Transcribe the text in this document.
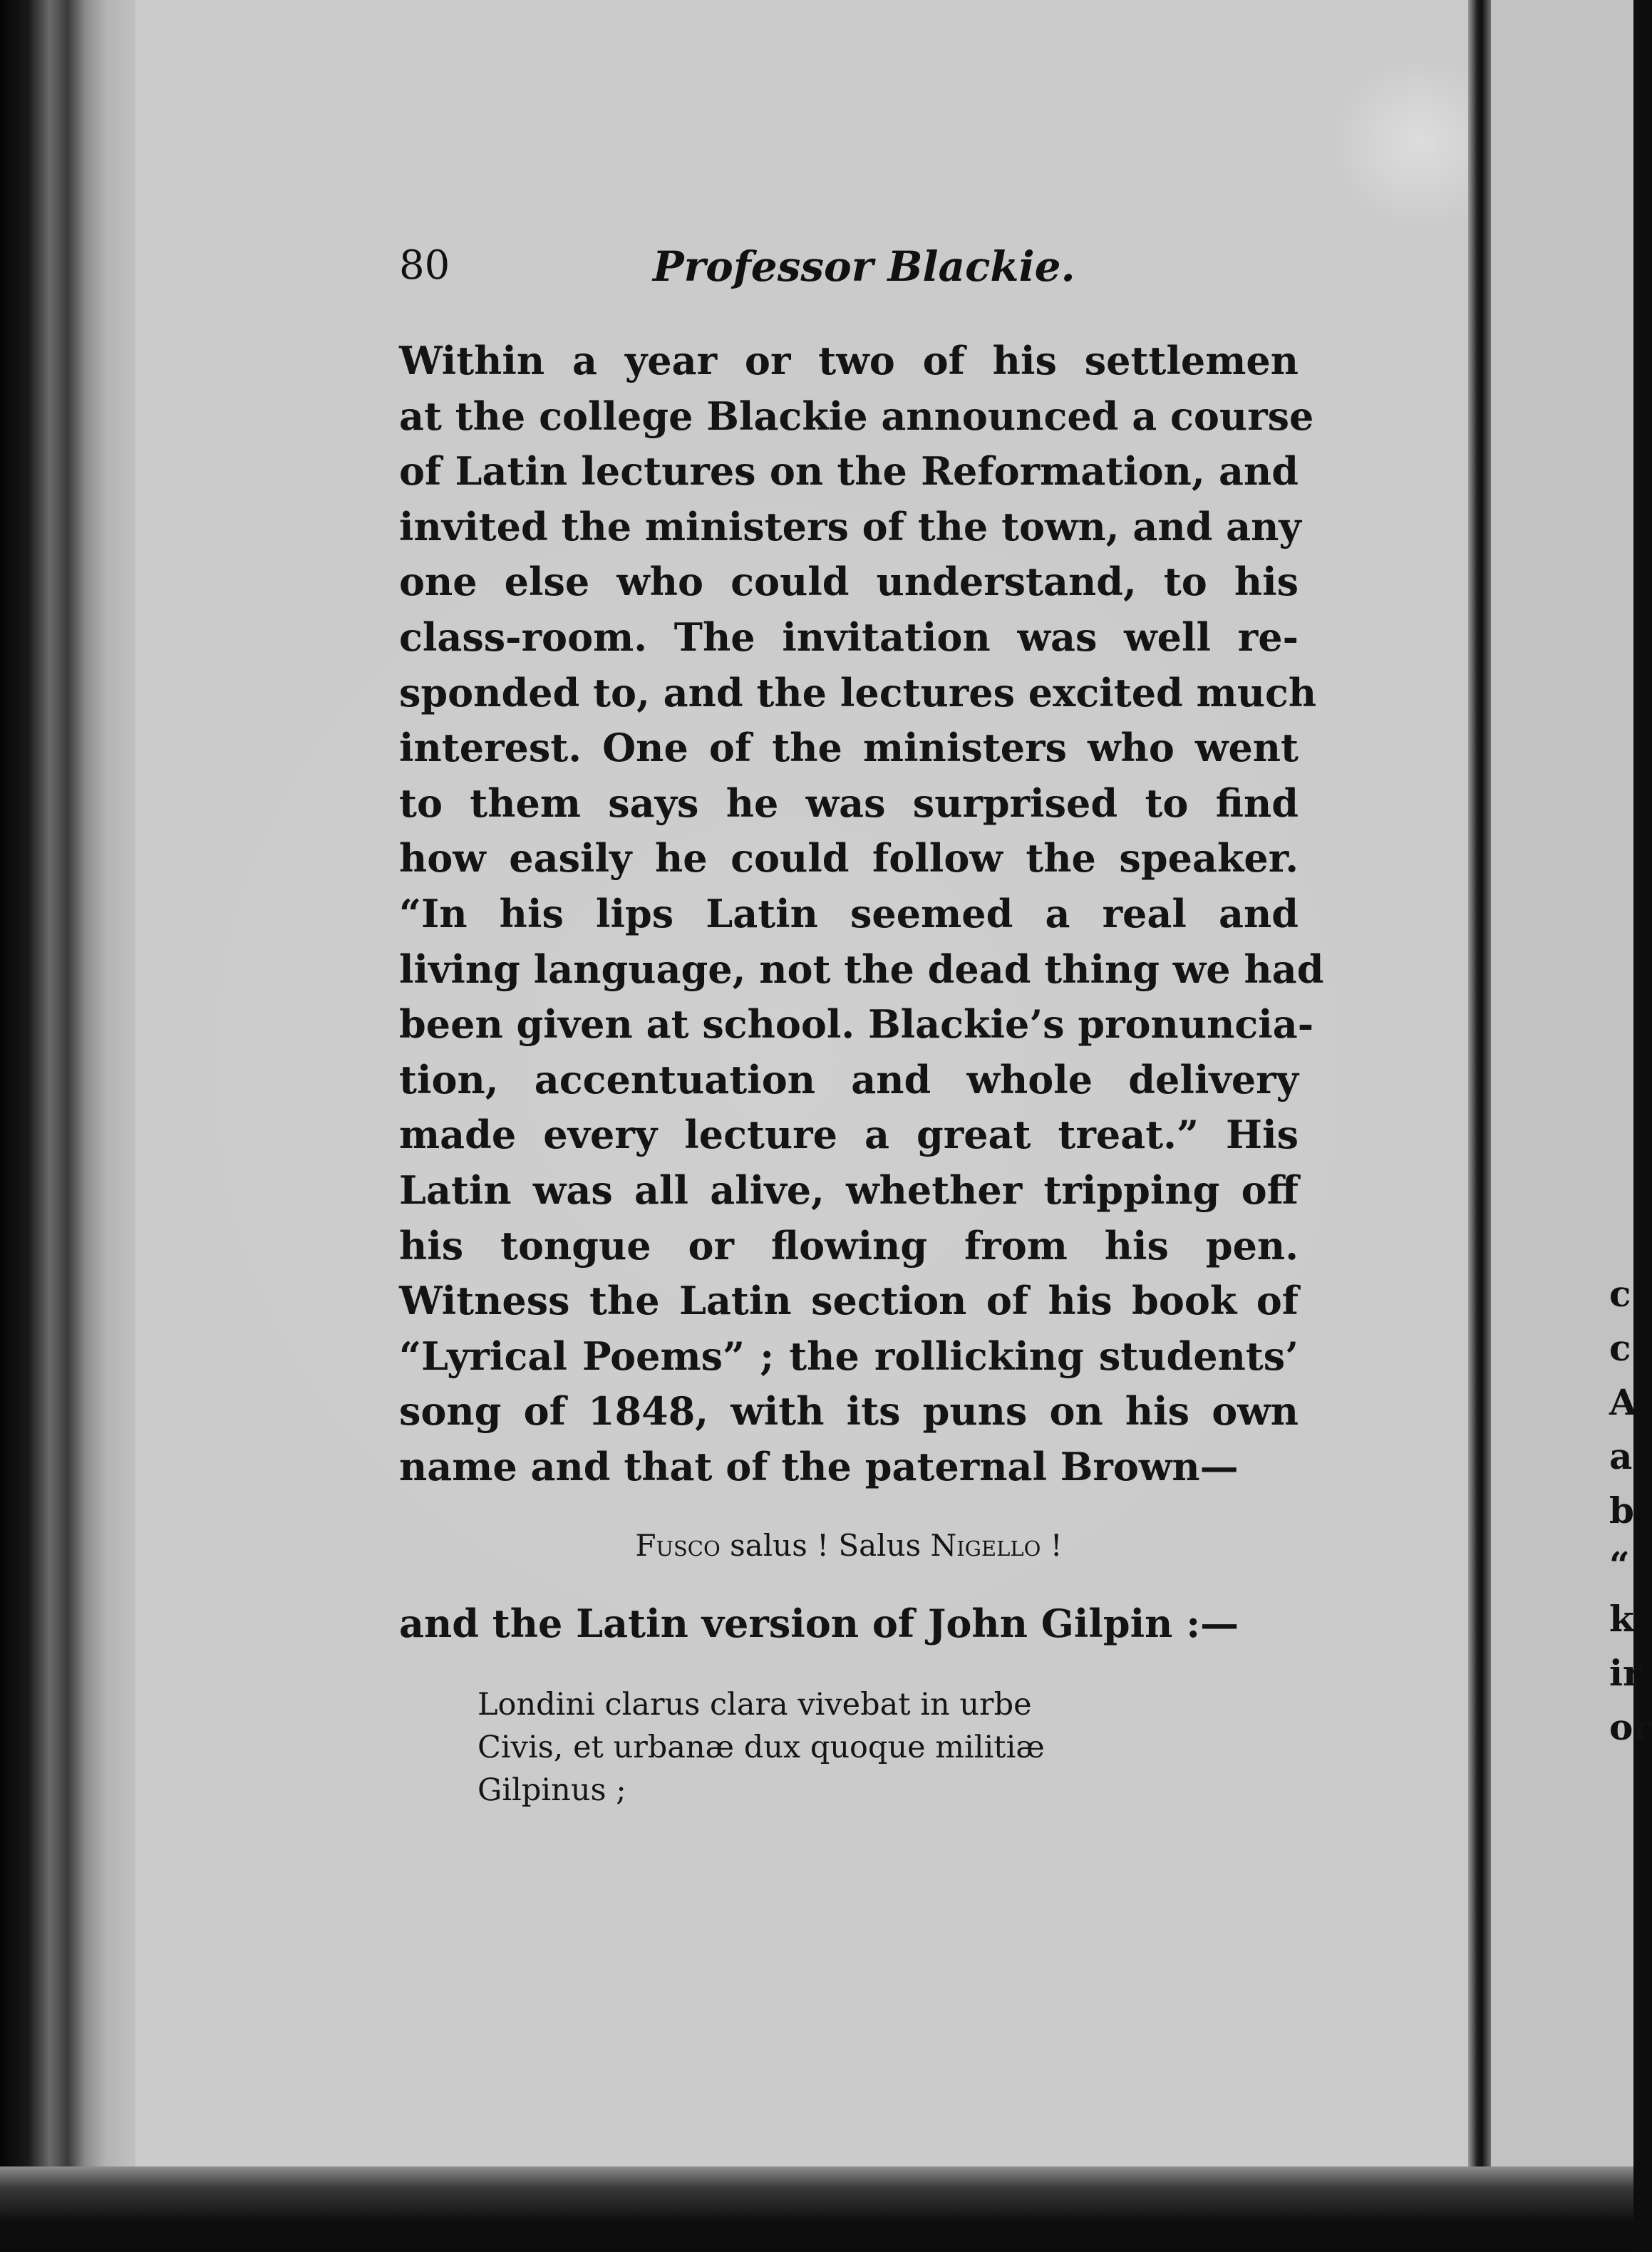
80	Professor Blackie.
Within a year or two of his settlemen
at the college Blackie announced a course
of Latin lectures on the Reformation, and
invited the ministers of the town, and any
one else who could understand, to his
class-room. The invitation was well re-
sponded to, and the lectures excited much
interest. One of the ministers who went
to them says he was surprised to find
how easily he could follow the speaker.
“In his lips Latin seemed a real and
living language, not the dead thing we had
been given at school. Blackie’s pronuncia-
tion, accentuation and whole delivery
made every lecture a great treat.” His
Latin was all alive, whether tripping off
his tongue or flowing from his pen.
Witness the Latin section of his book of
“Lyrical Poems” ; the rollicking students’
song of 1848, with its puns on his own
name and that of the paternal Brown—
Fusco salus ! Salus Nigello !
and the Latin version of John Gilpin :—
Londini clarus clara vivebat in urbe
Civis, et urbanæ dux quoque militiæ
Gilpinus ;
c
c
A
a
b
“
k
ir
or
